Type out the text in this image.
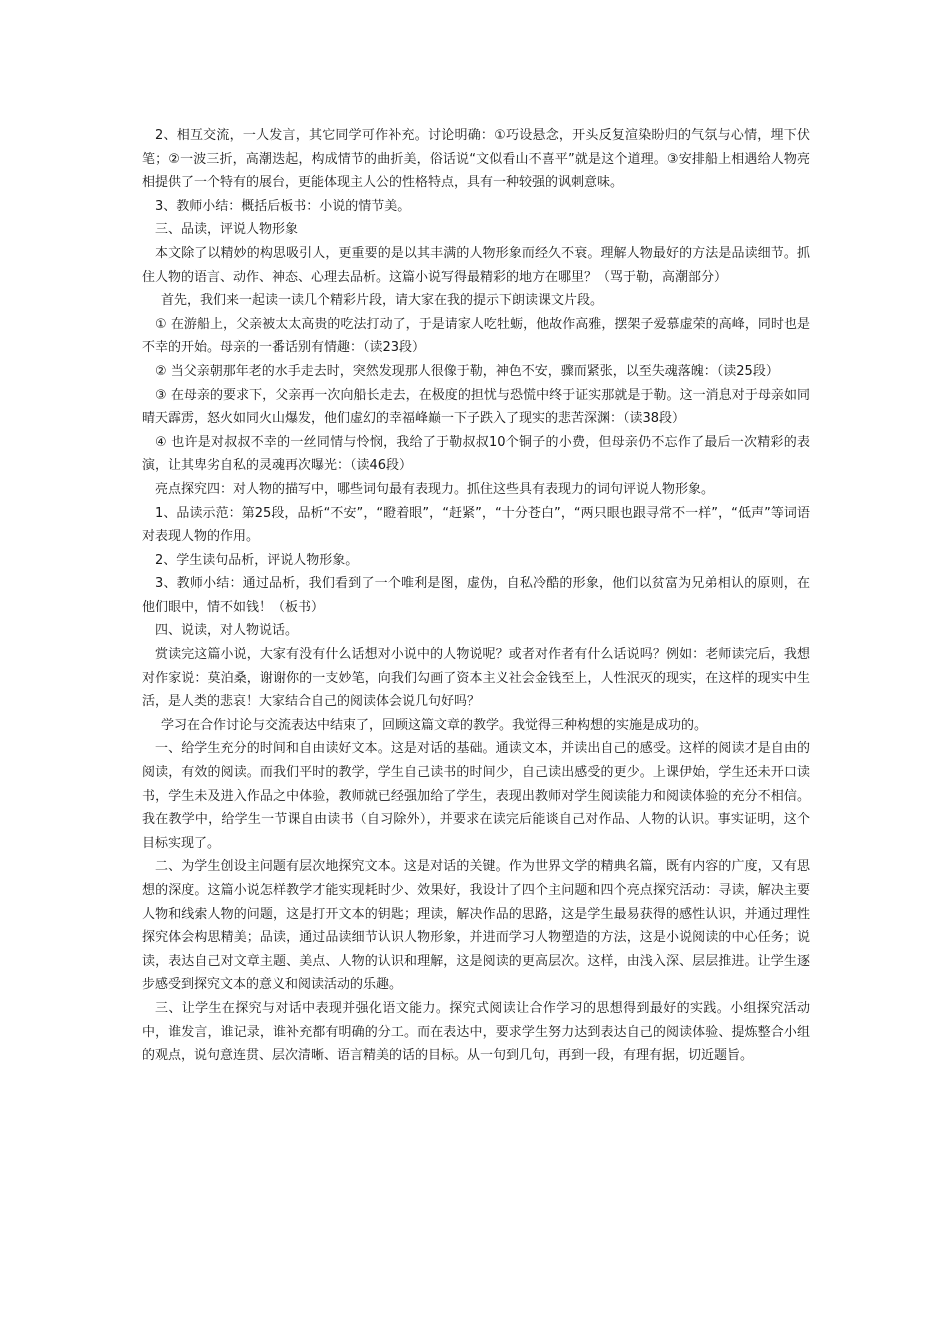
2、相互交流，一人发言，其它同学可作补充。讨论明确：①巧设悬念，开头反复渲染盼归的气氛与心情，埋下伏笔；②一波三折，高潮迭起，构成情节的曲折美，俗话说“文似看山不喜平”就是这个道理。③安排船上相遇给人物亮相提供了一个特有的展台，更能体现主人公的性格特点，具有一种较强的讽刺意味。

3、教师小结：概括后板书：小说的情节美。

三、品读，评说人物形象

本文除了以精妙的构思吸引人，更重要的是以其丰满的人物形象而经久不衰。理解人物最好的方法是品读细节。抓住人物的语言、动作、神态、心理去品析。这篇小说写得最精彩的地方在哪里？（骂于勒，高潮部分）

首先，我们来一起读一读几个精彩片段，请大家在我的提示下朗读课文片段。

① 在游船上，父亲被太太高贵的吃法打动了，于是请家人吃牡蛎，他故作高雅，摆架子爱慕虚荣的高峰，同时也是不幸的开始。母亲的一番话别有情趣：（读23段）

② 当父亲朝那年老的水手走去时，突然发现那人很像于勒，神色不安，骤而紧张，以至失魂落魄：（读25段）

③ 在母亲的要求下，父亲再一次向船长走去，在极度的担忧与恐慌中终于证实那就是于勒。这一消息对于母亲如同晴天霹雳，怒火如同火山爆发，他们虚幻的幸福峰巅一下子跌入了现实的悲苦深渊：（读38段）

④ 也许是对叔叔不幸的一丝同情与怜悯，我给了于勒叔叔10个铜子的小费，但母亲仍不忘作了最后一次精彩的表演，让其卑劣自私的灵魂再次曝光：（读46段）

亮点探究四：对人物的描写中，哪些词句最有表现力。抓住这些具有表现力的词句评说人物形象。

1、品读示范：第25段，品析“不安”，“瞪着眼”，“赶紧”，“十分苍白”，“两只眼也跟寻常不一样”，“低声”等词语对表现人物的作用。

2、学生读句品析，评说人物形象。

3、教师小结：通过品析，我们看到了一个唯利是图，虚伪，自私冷酷的形象，他们以贫富为兄弟相认的原则，在他们眼中，情不如钱！（板书）

四、说读，对人物说话。

赏读完这篇小说，大家有没有什么话想对小说中的人物说呢？或者对作者有什么话说吗？例如：老师读完后，我想对作家说：莫泊桑，谢谢你的一支妙笔，向我们勾画了资本主义社会金钱至上，人性泯灭的现实，在这样的现实中生活，是人类的悲哀！大家结合自己的阅读体会说几句好吗？

学习在合作讨论与交流表达中结束了，回顾这篇文章的教学。我觉得三种构想的实施是成功的。

一、给学生充分的时间和自由读好文本。这是对话的基础。通读文本，并读出自己的感受。这样的阅读才是自由的阅读，有效的阅读。而我们平时的教学，学生自己读书的时间少，自己读出感受的更少。上课伊始，学生还未开口读书，学生未及进入作品之中体验，教师就已经强加给了学生，表现出教师对学生阅读能力和阅读体验的充分不相信。我在教学中，给学生一节课自由读书（自习除外），并要求在读完后能谈自己对作品、人物的认识。事实证明，这个目标实现了。

二、为学生创设主问题有层次地探究文本。这是对话的关键。作为世界文学的精典名篇，既有内容的广度，又有思想的深度。这篇小说怎样教学才能实现耗时少、效果好，我设计了四个主问题和四个亮点探究活动：寻读，解决主要人物和线索人物的问题，这是打开文本的钥匙；理读，解决作品的思路，这是学生最易获得的感性认识，并通过理性探究体会构思精美；品读，通过品读细节认识人物形象，并进而学习人物塑造的方法，这是小说阅读的中心任务；说读，表达自己对文章主题、美点、人物的认识和理解，这是阅读的更高层次。这样，由浅入深、层层推进。让学生逐步感受到探究文本的意义和阅读活动的乐趣。

三、让学生在探究与对话中表现并强化语文能力。探究式阅读让合作学习的思想得到最好的实践。小组探究活动中，谁发言，谁记录，谁补充都有明确的分工。而在表达中，要求学生努力达到表达自己的阅读体验、提炼整合小组的观点，说句意连贯、层次清晰、语言精美的话的目标。从一句到几句，再到一段，有理有据，切近题旨。
